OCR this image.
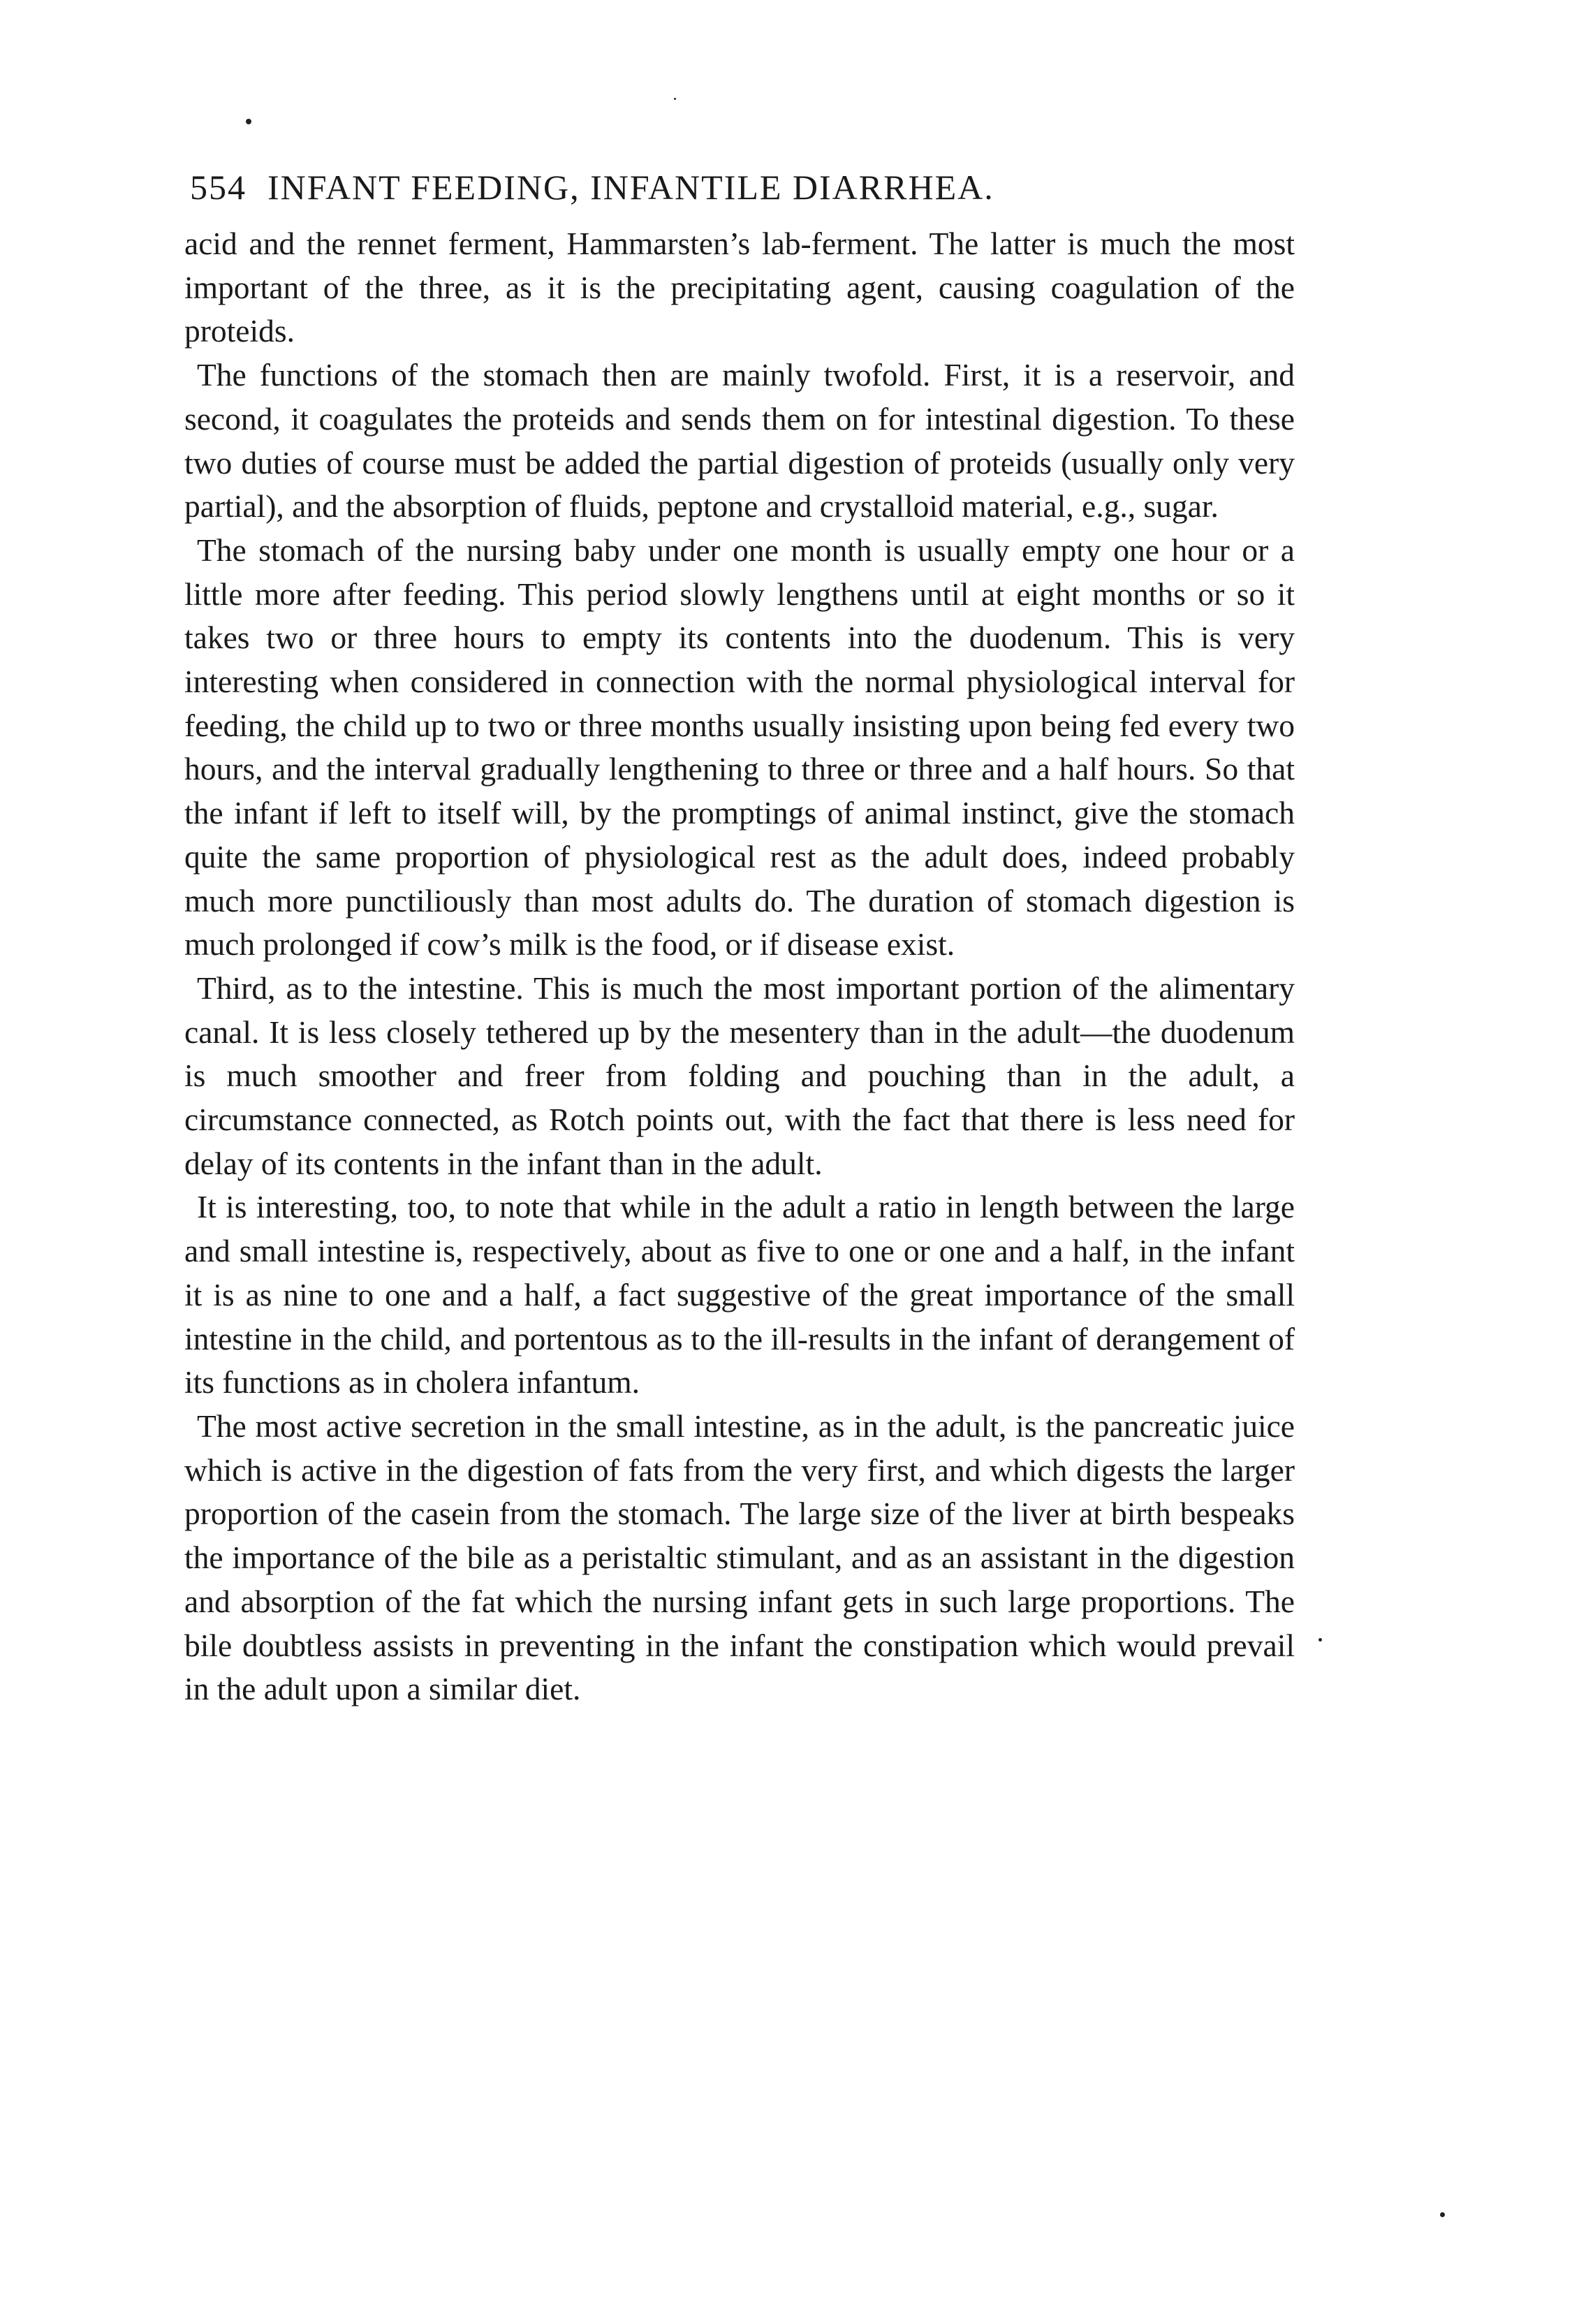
554 INFANT FEEDING, INFANTILE DIARRHEA.

acid and the rennet ferment, Hammarsten’s lab-ferment. The latter is much the most important of the three, as it is the precipitating agent, causing coagulation of the proteids.

The functions of the stomach then are mainly twofold. First, it is a reservoir, and second, it coagulates the proteids and sends them on for intestinal digestion. To these two duties of course must be added the partial digestion of proteids (usually only very partial), and the absorption of fluids, peptone and crystalloid material, e.g., sugar.

The stomach of the nursing baby under one month is usually empty one hour or a little more after feeding. This period slowly lengthens until at eight months or so it takes two or three hours to empty its contents into the duodenum. This is very interesting when considered in connection with the normal physiological interval for feeding, the child up to two or three months usually insisting upon being fed every two hours, and the interval gradually lengthening to three or three and a half hours. So that the infant if left to itself will, by the promptings of animal instinct, give the stomach quite the same proportion of physiological rest as the adult does, indeed probably much more punctiliously than most adults do. The duration of stomach digestion is much prolonged if cow’s milk is the food, or if disease exist.

Third, as to the intestine. This is much the most important portion of the alimentary canal. It is less closely tethered up by the mesentery than in the adult—the duodenum is much smoother and freer from folding and pouching than in the adult, a circumstance connected, as Rotch points out, with the fact that there is less need for delay of its contents in the infant than in the adult.

It is interesting, too, to note that while in the adult a ratio in length between the large and small intestine is, respectively, about as five to one or one and a half, in the infant it is as nine to one and a half, a fact suggestive of the great importance of the small intestine in the child, and portentous as to the ill-results in the infant of derangement of its functions as in cholera infantum.

The most active secretion in the small intestine, as in the adult, is the pancreatic juice which is active in the digestion of fats from the very first, and which digests the larger proportion of the casein from the stomach. The large size of the liver at birth bespeaks the importance of the bile as a peristaltic stimulant, and as an assistant in the digestion and absorption of the fat which the nursing infant gets in such large proportions. The bile doubtless assists in preventing in the infant the constipation which would prevail in the adult upon a similar diet.
